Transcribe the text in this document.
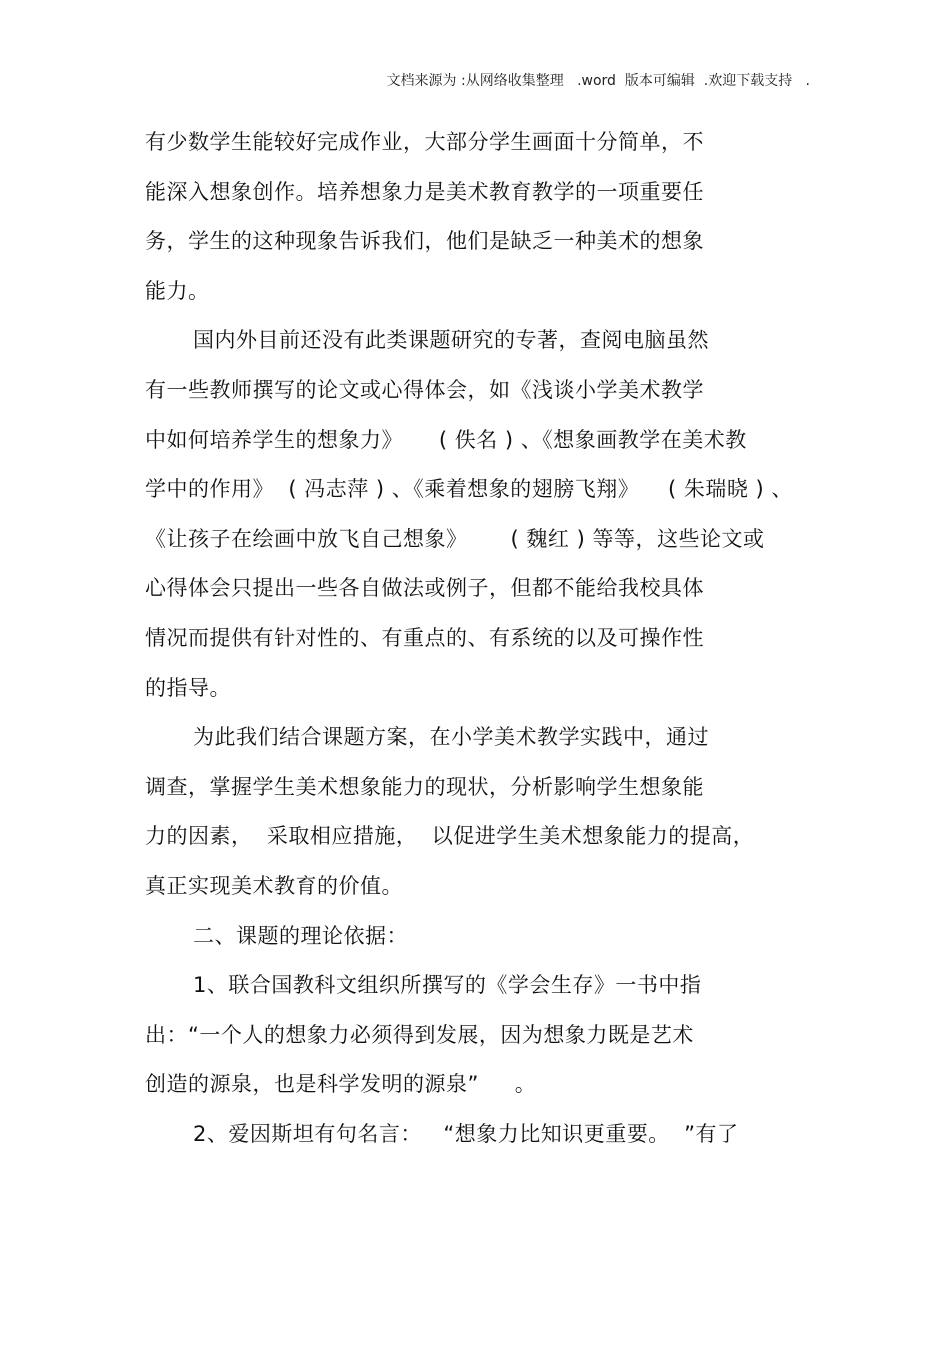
文档来源为 :从网络收集整理   .word  版本可编辑  .欢迎下载支持   .
有少数学生能较好完成作业，大部分学生画面十分简单，不
能深入想象创作。培养想象力是美术教育教学的一项重要任
务，学生的这种现象告诉我们，他们是缺乏一种美术的想象
能力。
国内外目前还没有此类课题研究的专著，查阅电脑虽然
有一些教师撰写的论文或心得体会，如《浅谈小学美术教学
中如何培养学生的想象力》     ( 佚名 ) 、《想象画教学在美术教
学中的作用》  ( 冯志萍 ) 、《乘着想象的翅膀飞翔》    ( 朱瑞晓 ) 、
《让孩子在绘画中放飞自己想象》      ( 魏红 ) 等等，这些论文或
心得体会只提出一些各自做法或例子，但都不能给我校具体
情况而提供有针对性的、有重点的、有系统的以及可操作性
的指导。
为此我们结合课题方案，在小学美术教学实践中，通过
调查，掌握学生美术想象能力的现状，分析影响学生想象能
力的因素，  采取相应措施，  以促进学生美术想象能力的提高，
真正实现美术教育的价值。
二、课题的理论依据：
1、联合国教科文组织所撰写的《学会生存》一书中指
出：“一个人的想象力必须得到发展，因为想象力既是艺术
创造的源泉，也是科学发明的源泉”     。
2、爱因斯坦有句名言：   “想象力比知识更重要。  ”有了
